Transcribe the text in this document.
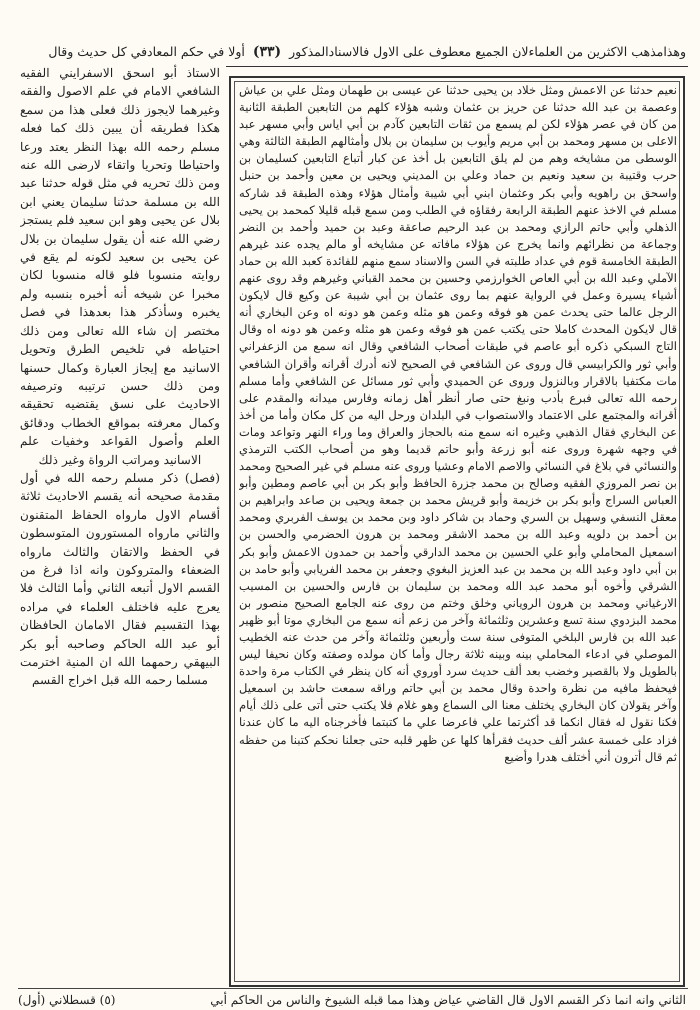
وهذامذهب الاكثرين من العلماءلان الجميع معطوف على الاول فالاسنادالمذكور (٣٣) أولا في حكم المعادفي كل حديث وقال

نعيم حدثنا عن الاعمش ومثل خلاد بن يحيى حدثنا عن عيسى بن طهمان ومثل علي بن عياش وعصمة بن عبد الله حدثنا عن حريز بن عثمان وشبه هؤلاء كلهم من التابعين الطبقة الثانية من كان في عصر هؤلاء لكن لم يسمع من ثقات التابعين كآدم بن أبي اياس وأبي مسهر عبد الاعلى بن مسهر ومحمد بن أبي مريم وأيوب بن سليمان بن بلال وأمثالهم الطبقة الثالثة وهي الوسطى من مشايخه وهم من لم يلق التابعين بل أخذ عن كبار أتباع التابعين كسليمان بن حرب وقتيبة بن سعيد ونعيم بن حماد وعلي بن المديني ويحيى بن معين وأحمد بن حنبل واسحق بن راهويه وأبي بكر وعثمان ابني أبي شيبة وأمثال هؤلاء وهذه الطبقة قد شاركه مسلم في الاخذ عنهم الطبقة الرابعة رفقاؤه في الطلب ومن سمع قبله قليلا كمحمد بن يحيى الذهلي وأبي حاتم الرازي ومحمد بن عبد الرحيم صاعقة وعبد بن حميد وأحمد بن النضر وجماعة من نظرائهم وانما يخرج عن هؤلاء مافاته عن مشايخه أو مالم يجده عند غيرهم الطبقة الخامسة قوم في عداد طلبته في السن والاسناد سمع منهم للفائدة كعبد الله بن حماد الآملي وعبد الله بن أبي العاص الخوارزمي وحسين بن محمد القباني وغيرهم وقد روى عنهم أشياء يسيرة وعمل في الرواية عنهم بما روى عثمان بن أبي شيبة عن وكيع قال لايكون الرجل عالما حتى يحدث عمن هو فوقه وعمن هو مثله وعمن هو دونه اه وعن البخاري أنه قال لايكون المحدث كاملا حتى يكتب عمن هو فوقه وعمن هو مثله وعمن هو دونه اه وقال التاج السبكي ذكره أبو عاصم في طبقات أصحاب الشافعي وقال انه سمع من الزعفراني وأبي ثور والكرابيسي قال وروى عن الشافعي في الصحيح لانه أدرك أقرانه وأقران الشافعي مات مكتفيا بالاقرار وبالنزول وروى عن الحميدي وأبي ثور مسائل عن الشافعي وأما مسلم رحمه الله تعالى فبرع بأدب ونبغ حتى صار أنظر أهل زمانه وفارس ميدانه والمقدم على أقرانه والمجتمع على الاعتماد والاستصواب في البلدان ورحل اليه من كل مكان وأما من أخذ عن البخاري فقال الذهبي وغيره انه سمع منه بالحجاز والعراق وما وراء النهر وتواعد ومات في وجهه شهرة وروى عنه أبو زرعة وأبو حاتم قديما وهو من أصحاب الكتب الترمذي والنسائي في بلاغ في النسائي والاصم الامام وعشيا وروى عنه مسلم في غير الصحيح ومحمد بن نصر المروزي الفقيه وصالح بن محمد جزرة الحافظ وأبو بكر بن أبي عاصم ومطين وأبو العباس السراج وأبو بكر بن خزيمة وأبو قريش محمد بن جمعة ويحيى بن صاعد وابراهيم بن معقل النسفي وسهيل بن السري وحماد بن شاكر داود وبن محمد بن يوسف الفربري ومحمد بن أحمد بن دلويه وعبد الله بن محمد الاشقر ومحمد بن هرون الحضرمي والحسن بن اسمعيل المحاملي وأبو علي الحسين بن محمد الدارقي وأحمد بن حمدون الاعمش وأبو بكر بن أبي داود وعبد الله بن محمد بن عبد العزيز البغوي وجعفر بن محمد الفريابي وأبو حامد بن الشرقي وأخوه أبو محمد عبد الله ومحمد بن سليمان بن فارس والحسين بن المسيب الارغياني ومحمد بن هرون الروياني وخلق وختم من روى عنه الجامع الصحيح منصور بن محمد البزدوي سنة تسع وعشرين وثلثمائة وآخر من زعم أنه سمع من البخاري موتا أبو ظهير عبد الله بن فارس البلخي المتوفى سنة ست وأربعين وثلثمائة وآخر من حدث عنه الخطيب الموصلي في ادعاء المحاملي بينه وبينه ثلاثة رجال وأما كان مولده وصفته وكان نحيفا ليس بالطويل ولا بالقصير وخضب بعد ألف حديث سرد أوروي أنه كان ينظر في الكتاب مرة واحدة فيحفظ مافيه من نظرة واحدة وقال محمد بن أبي حاتم وراقه سمعت حاشد بن اسمعيل وآخر يقولان كان البخاري يختلف معنا الى السماع وهو غلام فلا يكتب حتى أتى على ذلك أيام فكنا نقول له فقال انكما قد أكثرتما علي فاعرضا علي ما كتبتما فأخرجناه اليه ما كان عندنا فزاد على خمسة عشر ألف حديث فقرأها كلها عن ظهر قلبه حتى جعلنا نحكم كتبنا من حفظه ثم قال أترون أني أختلف هدرا وأضيع

الاستاذ أبو اسحق الاسفرايني الفقيه الشافعي الامام في علم الاصول والفقه وغيرهما لايجوز ذلك فعلى هذا من سمع هكذا فطريقه أن يبين ذلك كما فعله مسلم رحمه الله بهذا النظر يعتد ورعا واحتياطا وتحريا واتقاء لارضى الله عنه ومن ذلك تحريه في مثل قوله حدثنا عبد الله بن مسلمة حدثنا سليمان يعني ابن بلال عن يحيى وهو ابن سعيد فلم يستجز رضي الله عنه أن يقول سليمان بن بلال عن يحيى بن سعيد لكونه لم يقع في روايته منسوبا فلو قاله منسوبا لكان مخبرا عن شيخه أنه أخبره بنسبه ولم يخبره وسأذكر هذا بعدهذا في فصل مختصر إن شاء الله تعالى ومن ذلك احتياطه في تلخيص الطرق وتحويل الاسانيد مع إيجاز العبارة وكمال حسنها ومن ذلك حسن ترتيبه وترصيفه الاحاديث على نسق يقتضيه تحقيقه وكمال معرفته بمواقع الخطاب ودقائق العلم وأصول القواعد وخفيات علم الاسانيد ومراتب الرواة وغير ذلك

(فصل) ذكر مسلم رحمه الله في أول مقدمة صحيحه أنه يقسم الاحاديث ثلاثة أقسام الاول مارواه الحفاظ المتقنون والثاني مارواه المستورون المتوسطون في الحفظ والاتقان والثالث مارواه الضعفاء والمتروكون وانه اذا فرغ من القسم الاول أتبعه الثاني وأما الثالث فلا يعرج عليه فاختلف العلماء في مراده بهذا التقسيم فقال الامامان الحافظان أبو عبد الله الحاكم وصاحبه أبو بكر البيهقي رحمهما الله ان المنية اخترمت مسلما رحمه الله قبل اخراج القسم

الثاني وانه انما ذكر القسم الاول قال القاضي عياض وهذا مما قبله الشيوخ والناس من الحاكم أبي
(٥) قسطلاني (أول)
